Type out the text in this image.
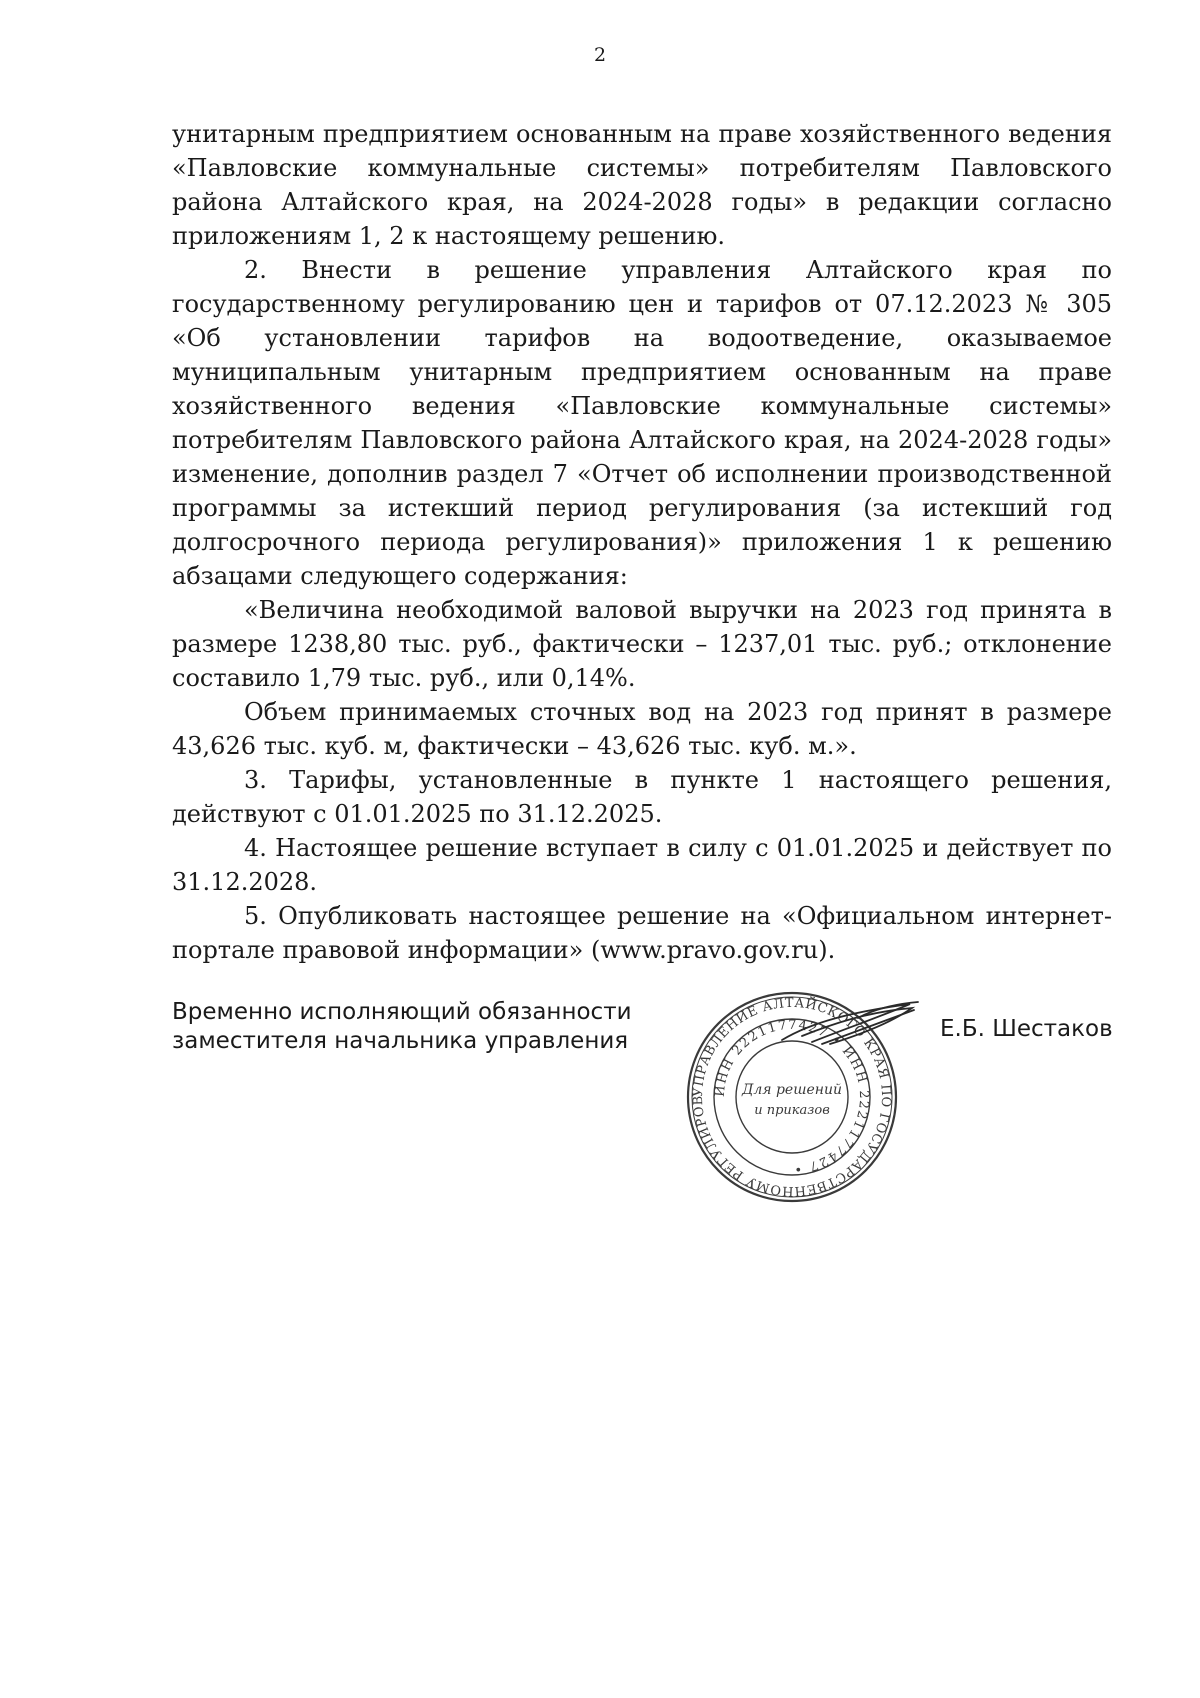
2

унитарным предприятием основанным на праве хозяйственного ведения «Павловские коммунальные системы» потребителям Павловского района Алтайского края, на 2024-2028 годы» в редакции согласно приложениям 1, 2 к настоящему решению.

2. Внести в решение управления Алтайского края по государственному регулированию цен и тарифов от 07.12.2023 № 305 «Об установлении тарифов на водоотведение, оказываемое муниципальным унитарным предприятием основанным на праве хозяйственного ведения «Павловские коммунальные системы» потребителям Павловского района Алтайского края, на 2024-2028 годы» изменение, дополнив раздел 7 «Отчет об исполнении производственной программы за истекший период регулирования (за истекший год долгосрочного периода регулирования)» приложения 1 к решению абзацами следующего содержания:

«Величина необходимой валовой выручки на 2023 год принята в размере 1238,80 тыс. руб., фактически – 1237,01 тыс. руб.; отклонение составило 1,79 тыс. руб., или 0,14%.

Объем принимаемых сточных вод на 2023 год принят в размере 43,626 тыс. куб. м, фактически – 43,626 тыс. куб. м.».

3. Тарифы, установленные в пункте 1 настоящего решения, действуют с 01.01.2025 по 31.12.2025.

4. Настоящее решение вступает в силу с 01.01.2025 и действует по 31.12.2028.

5. Опубликовать настоящее решение на «Официальном интернет-портале правовой информации» (www.pravo.gov.ru).

Временно исполняющий обязанности
заместителя начальника управления	Е.Б. Шестаков
УПРАВЛЕНИЕ АЛТАЙСКОГО КРАЯ ПО ГОСУДАРСТВЕННОМУ РЕГУЛИРОВ
ИНН 2221177427 • ИНН 2221177427 •
Для решений
и приказов
